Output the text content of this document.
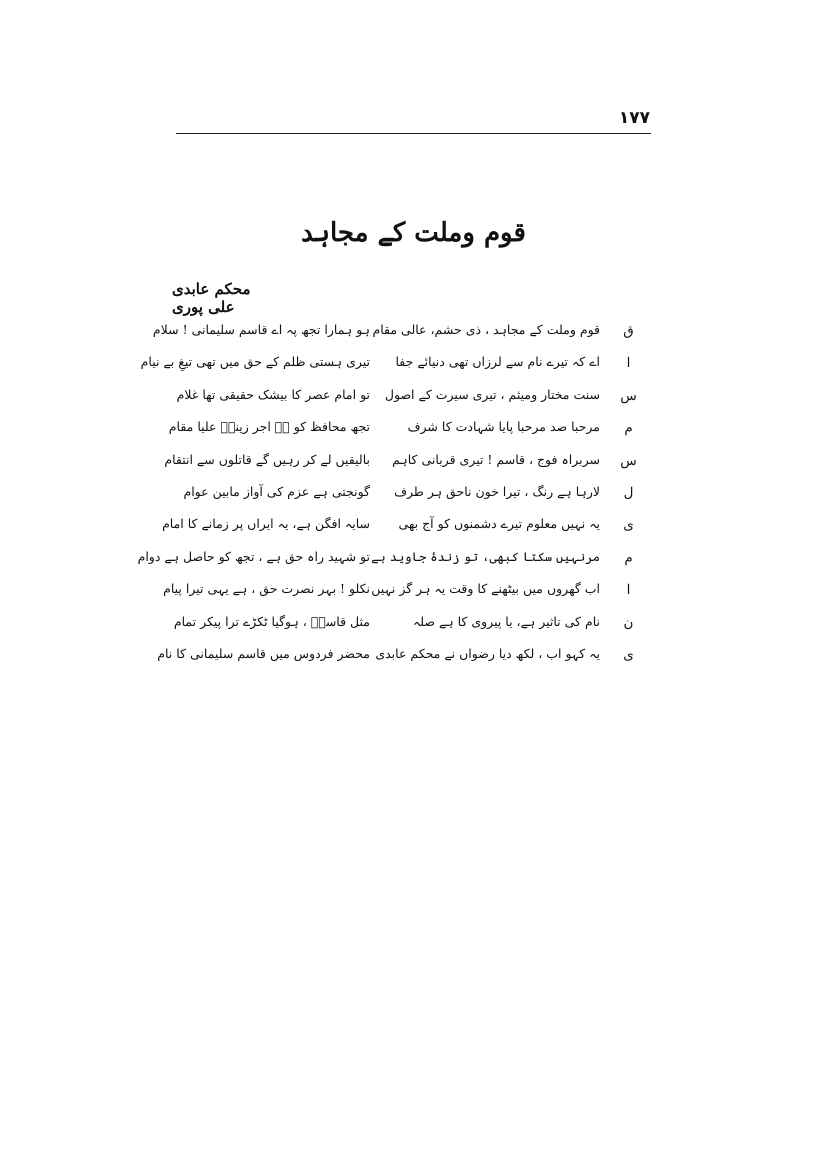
۱۷۷
قوم وملت کے مجاہد
محکم عابدی علی پوری
ق
قوم وملت کے مجاہد ، ذی حشم، عالی مقام
ہو ہمارا تجھ پہ اے قاسم سلیمانی ! سلام
ا
اے کہ تیرے نام سے لرزاں تھی دنیائے جفا
تیری ہستی ظلم کے حق میں تھی تیغِ بے نیام
س
سنت مختار ومیثم ، تیری سیرت کے اصول
تو امام عصر کا بیشک حقیقی تھا غلام
م
مرحبا صد مرحبا پایا شہادت کا شرف
تجھ محافظ کو ہے اجر زینبؑ علیا مقام
س
سربراہ فوج ، قاسم ! تیری قربانی کاہم
بالیقیں لے کر رہیں گے قاتلوں سے انتقام
ل
لارہا ہے رنگ ، تیرا خون ناحق ہر طرف
گونجتی ہے عزم کی آواز مابین عوام
ی
یہ نہیں معلوم تیرے دشمنوں کو آج بھی
سایہ افگن ہے، یہ ایراں پر زمانے کا امام
م
مرنہیں سکتا کبھی، تو زندۂ جاوید ہے
تو شہید راہ حق ہے ، تجھ کو حاصل ہے دوام
ا
اب گھروں میں بیٹھنے کا وقت یہ ہر گز نہیں
نکلو ! بہر نصرت حق ، ہے یہی تیرا پیام
ن
نام کی تاثیر ہے، یا پیروی کا ہے صلہ
مثل قاسمؑ ، ہوگیا ٹکڑے ترا پیکر تمام
ی
یہ کہو اب ، لکھ دیا رضواں نے محکم عابدی
محضر فردوس میں قاسم سلیمانی کا نام
